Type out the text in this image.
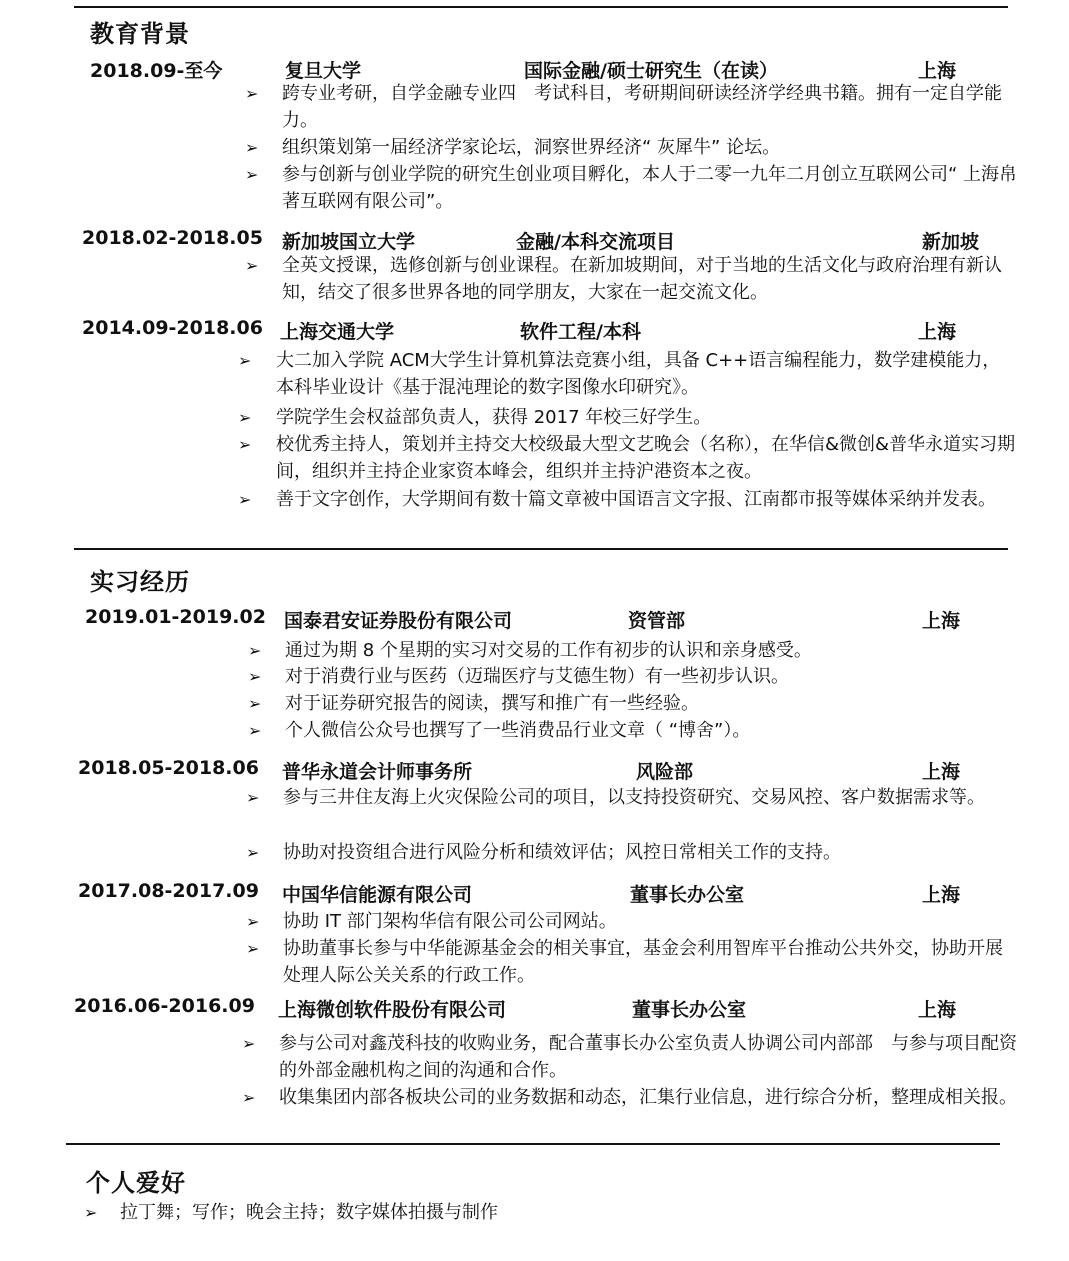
教育背景
2018.09-至今	复旦大学	国际金融/硕士研究生（在读）	上海
➢ 跨专业考研，自学金融专业四　考试科目，考研期间研读经济学经典书籍。拥有一定自学能力。
➢ 组织策划第一届经济学家论坛，洞察世界经济“ 灰犀牛” 论坛。
➢ 参与创新与创业学院的研究生创业项目孵化，本人于二零一九年二月创立互联网公司“ 上海帛著互联网有限公司”。
2018.02-2018.05 新加坡国立大学	金融/本科交流项目	新加坡
➢ 全英文授课，选修创新与创业课程。在新加坡期间，对于当地的生活文化与政府治理有新认知，结交了很多世界各地的同学朋友，大家在一起交流文化。
2014.09-2018.06 上海交通大学	软件工程/本科	上海
➢ 大二加入学院 ACM大学生计算机算法竞赛小组，具备 C++语言编程能力，数学建模能力，本科毕业设计《基于混沌理论的数字图像水印研究》。
➢ 学院学生会权益部负责人，获得 2017 年校三好学生。
➢ 校优秀主持人，策划并主持交大校级最大型文艺晚会（名称），在华信&微创&普华永道实习期间，组织并主持企业家资本峰会，组织并主持沪港资本之夜。
➢ 善于文字创作，大学期间有数十篇文章被中国语言文字报、江南都市报等媒体采纳并发表。
实习经历
2019.01-2019.02 国泰君安证券股份有限公司	资管部	上海
➢ 通过为期 8 个星期的实习对交易的工作有初步的认识和亲身感受。
➢ 对于消费行业与医药（迈瑞医疗与艾德生物）有一些初步认识。
➢ 对于证券研究报告的阅读，撰写和推广有一些经验。
➢ 个人微信公众号也撰写了一些消费品行业文章（ “博舍”）。
2018.05-2018.06 普华永道会计师事务所	风险部	上海
➢ 参与三井住友海上火灾保险公司的项目，以支持投资研究、交易风控、客户数据需求等。
➢ 协助对投资组合进行风险分析和绩效评估；风控日常相关工作的支持。
2017.08-2017.09 中国华信能源有限公司	董事长办公室	上海
➢ 协助 IT 部门架构华信有限公司公司网站。
➢ 协助董事长参与中华能源基金会的相关事宜，基金会利用智库平台推动公共外交，协助开展处理人际公关关系的行政工作。
2016.06-2016.09 上海微创软件股份有限公司	董事长办公室	上海
➢ 参与公司对鑫茂科技的收购业务，配合董事长办公室负责人协调公司内部部　与参与项目配资的外部金融机构之间的沟通和合作。
➢ 收集集团内部各板块公司的业务数据和动态，汇集行业信息，进行综合分析，整理成相关报。
个人爱好
➢ 拉丁舞；写作；晚会主持；数字媒体拍摄与制作
